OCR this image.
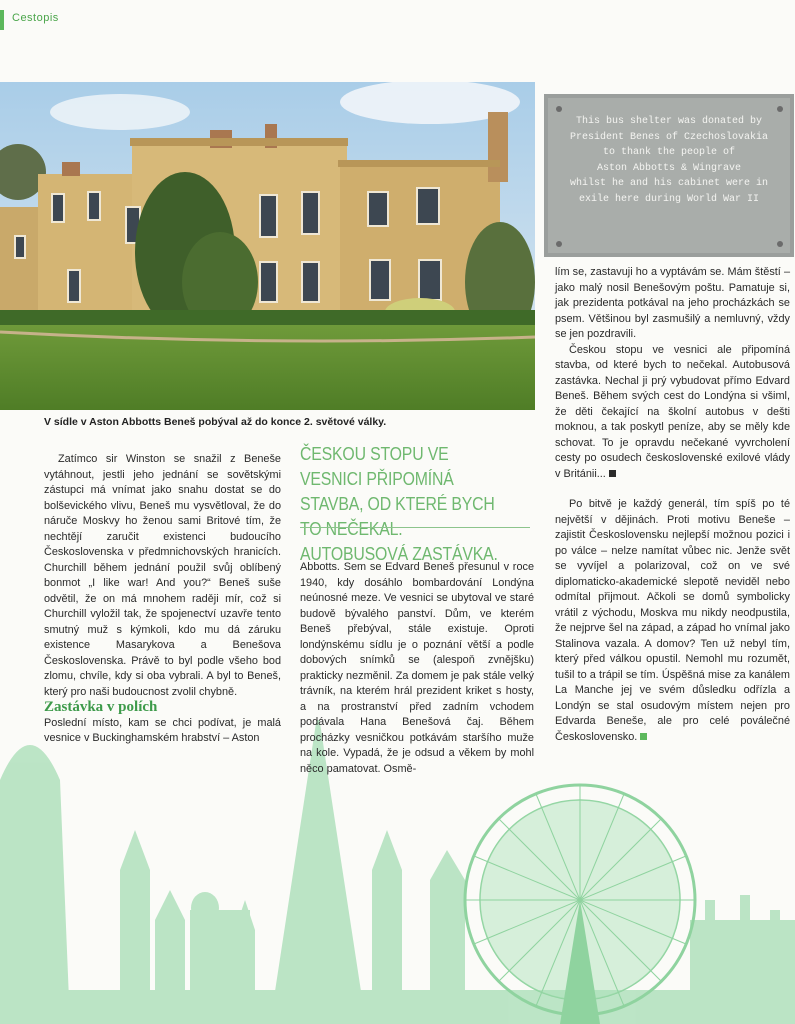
Cestopis
V sídle v Aston Abbotts Beneš pobýval až do konce 2. světové války.
This bus shelter was donated by
President Benes of Czechoslovakia
to thank the people of
Aston Abbotts & Wingrave
whilst he and his cabinet were in
exile here during World War II

Zatímco sir Winston se snažil z Beneše vytáhnout, jestli jeho jednání se sovětskými zástupci má vnímat jako snahu dostat se do bolševického vlivu, Beneš mu vysvětloval, že do náruče Moskvy ho ženou sami Britové tím, že nechtějí zaručit existenci budoucího Československa v předmnichovských hranicích. Churchill během jednání použil svůj oblíbený bonmot „I like war! And you?“ Beneš suše odvětil, že on má mnohem raději mír, což si Churchill vyložil tak, že spojenectví uzavře tento smutný muž s kýmkoli, kdo mu dá záruku existence Masarykova a Benešova Československa. Právě to byl podle všeho bod zlomu, chvíle, kdy si oba vybrali. A byl to Beneš, který pro naši budoucnost zvolil chybně.

Zastávka v polích

Poslední místo, kam se chci podívat, je malá vesnice v Buckinghamském hrabství – Aston

ČESKOU STOPU VE VESNICI PŘIPOMÍNÁ STAVBA, OD KTERÉ BYCH TO NEČEKAL. AUTOBUSOVÁ ZASTÁVKA.

Abbotts. Sem se Edvard Beneš přesunul v roce 1940, kdy dosáhlo bombardování Londýna neúnosné meze. Ve vesnici se ubytoval ve staré budově bývalého panství. Dům, ve kterém Beneš přebýval, stále existuje. Oproti londýnskému sídlu je o poznání větší a podle dobových snímků se (alespoň zvnějšku) prakticky nezměnil. Za domem je pak stále velký trávník, na kterém hrál prezident kriket s hosty, a na prostranství před zadním vchodem podávala Hana Benešová čaj. Během procházky vesničkou potkávám staršího muže na kole. Vypadá, že je odsud a věkem by mohl něco pamatovat. Osmě-

lím se, zastavuji ho a vyptávám se. Mám štěstí – jako malý nosil Benešovým poštu. Pamatuje si, jak prezidenta potkával na jeho procházkách se psem. Většinou byl zasmušilý a nemluvný, vždy se jen pozdravili.

Českou stopu ve vesnici ale připomíná stavba, od které bych to nečekal. Autobusová zastávka. Nechal ji prý vybudovat přímo Edvard Beneš. Během svých cest do Londýna si všiml, že děti čekající na školní autobus v dešti moknou, a tak poskytl peníze, aby se měly kde schovat. To je opravdu nečekané vyvrcholení cesty po osudech československé exilové vlády v Británii...

Po bitvě je každý generál, tím spíš po té největší v dějinách. Proti motivu Beneše – zajistit Československu nejlepší možnou pozici i po válce – nelze namítat vůbec nic. Jenže svět se vyvíjel a polarizoval, což on ve své diplomaticko-akademické slepotě neviděl nebo odmítal přijmout. Ačkoli se domů symbolicky vrátil z východu, Moskva mu nikdy neodpustila, že nejprve šel na západ, a západ ho vnímal jako Stalinova vazala. A domov? Ten už nebyl tím, který před válkou opustil. Nemohl mu rozumět, tušil to a trápil se tím. Úspěšná mise za kanálem La Manche jej ve svém důsledku odřízla a Londýn se stal osudovým místem nejen pro Edvarda Beneše, ale pro celé poválečné Československo.
